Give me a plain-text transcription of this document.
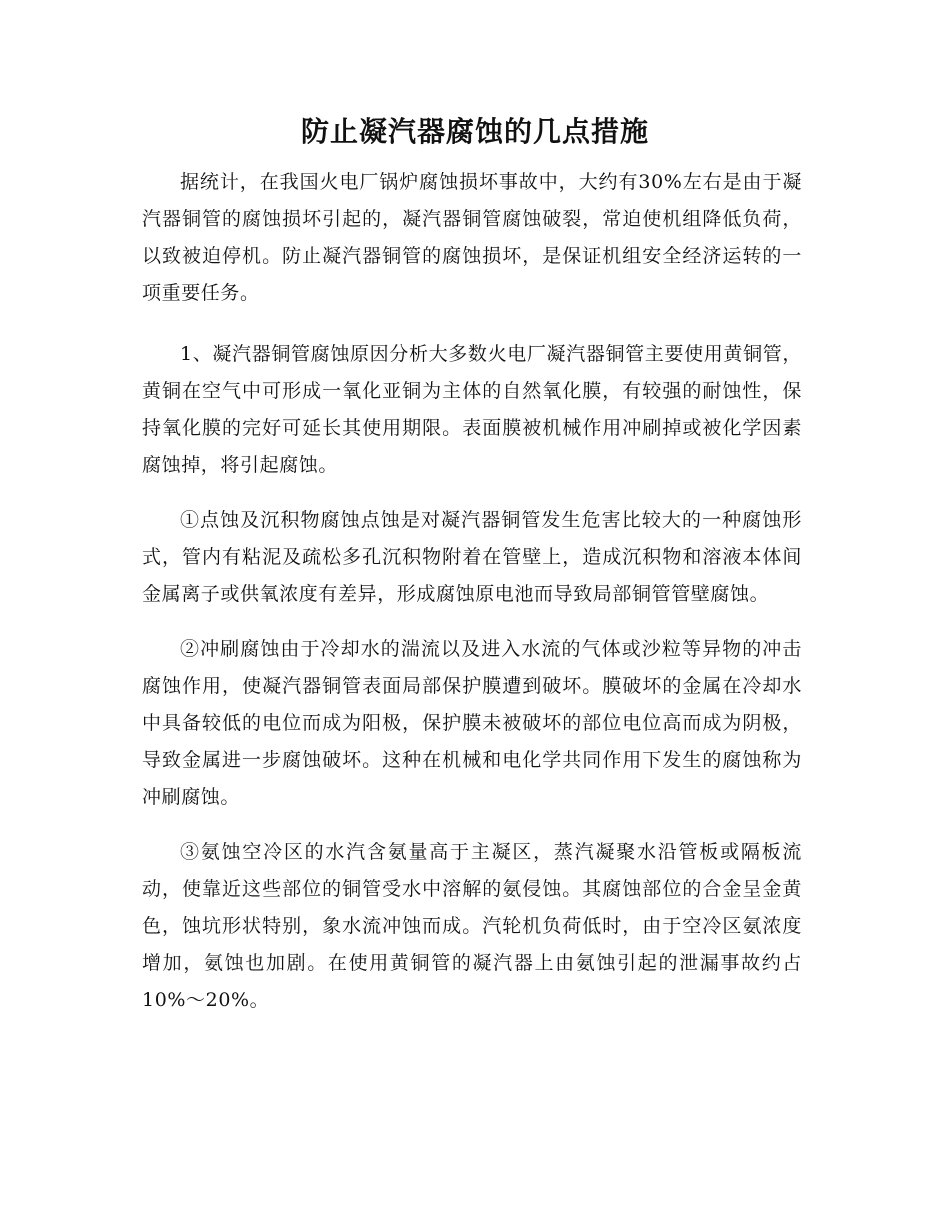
防止凝汽器腐蚀的几点措施

据统计，在我国火电厂锅炉腐蚀损坏事故中，大约有30%左右是由于凝汽器铜管的腐蚀损坏引起的，凝汽器铜管腐蚀破裂，常迫使机组降低负荷，以致被迫停机。防止凝汽器铜管的腐蚀损坏，是保证机组安全经济运转的一项重要任务。

1、凝汽器铜管腐蚀原因分析大多数火电厂凝汽器铜管主要使用黄铜管，黄铜在空气中可形成一氧化亚铜为主体的自然氧化膜，有较强的耐蚀性，保持氧化膜的完好可延长其使用期限。表面膜被机械作用冲刷掉或被化学因素腐蚀掉，将引起腐蚀。

①点蚀及沉积物腐蚀点蚀是对凝汽器铜管发生危害比较大的一种腐蚀形式，管内有粘泥及疏松多孔沉积物附着在管壁上，造成沉积物和溶液本体间金属离子或供氧浓度有差异，形成腐蚀原电池而导致局部铜管管壁腐蚀。

②冲刷腐蚀由于冷却水的湍流以及进入水流的气体或沙粒等异物的冲击腐蚀作用，使凝汽器铜管表面局部保护膜遭到破坏。膜破坏的金属在冷却水中具备较低的电位而成为阳极，保护膜未被破坏的部位电位高而成为阴极，导致金属进一步腐蚀破坏。这种在机械和电化学共同作用下发生的腐蚀称为冲刷腐蚀。

③氨蚀空冷区的水汽含氨量高于主凝区，蒸汽凝聚水沿管板或隔板流动，使靠近这些部位的铜管受水中溶解的氨侵蚀。其腐蚀部位的合金呈金黄色，蚀坑形状特别，象水流冲蚀而成。汽轮机负荷低时，由于空冷区氨浓度增加，氨蚀也加剧。在使用黄铜管的凝汽器上由氨蚀引起的泄漏事故约占10%～20%。
